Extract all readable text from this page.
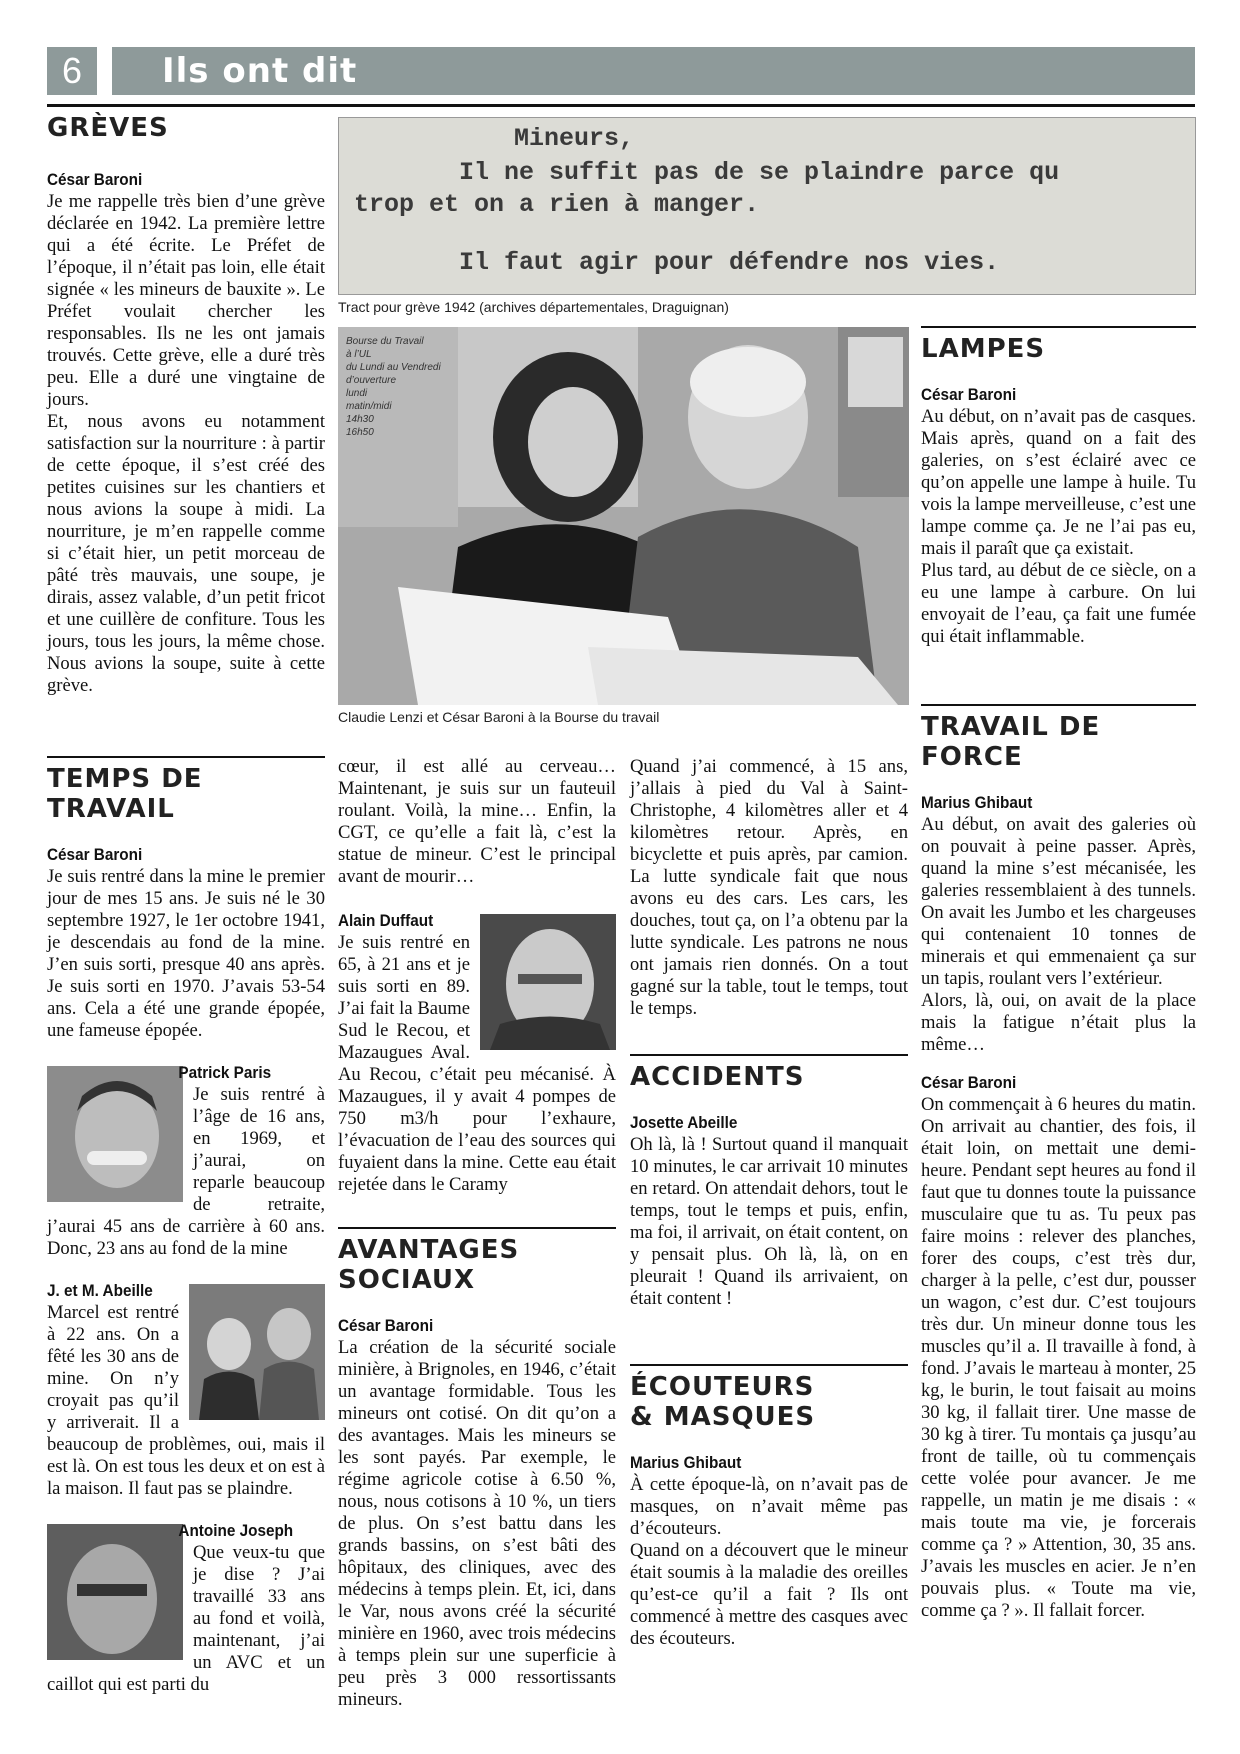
6 Ils ont dit
GRÈVES

César Baroni

Je me rappelle très bien d’une grève déclarée en 1942. La première lettre qui a été écrite. Le Préfet de l’époque, il n’était pas loin, elle était signée « les mineurs de bauxite ». Le Préfet voulait chercher les responsables. Ils ne les ont jamais trouvés. Cette grève, elle a duré très peu. Elle a duré une vingtaine de jours.

Et, nous avons eu notamment satisfaction sur la nourriture : à partir de cette époque, il s’est créé des petites cuisines sur les chantiers et nous avions la soupe à midi. La nourriture, je m’en rappelle comme si c’était hier, un petit morceau de pâté très mauvais, une soupe, je dirais, assez valable, d’un petit fricot et une cuillère de confiture. Tous les jours, tous les jours, la même chose. Nous avions la soupe, suite à cette grève.

Mineurs,
Il ne suffit pas de se plaindre parce qu
trop et on a rien à manger.
Il faut agir pour défendre nos vies.
Tract pour grève 1942 (archives départementales, Draguignan)
Bourse du Travail
à l’UL
du Lundi au Vendredi
d’ouverture
lundi
matin/midi
14h30
16h50
Claudie Lenzi et César Baroni à la Bourse du travail
LAMPES

César Baroni

Au début, on n’avait pas de casques. Mais après, quand on a fait des galeries, on s’est éclairé avec ce qu’on appelle une lampe à huile. Tu vois la lampe merveilleuse, c’est une lampe comme ça. Je ne l’ai pas eu, mais il paraît que ça existait.

Plus tard, au début de ce siècle, on a eu une lampe à carbure. On lui envoyait de l’eau, ça fait une fumée qui était inflammable.

TRAVAIL DE FORCE

Marius Ghibaut

Au début, on avait des galeries où on pouvait à peine passer. Après, quand la mine s’est mécanisée, les galeries ressemblaient à des tunnels. On avait les Jumbo et les chargeuses qui contenaient 10 tonnes de minerais et qui emmenaient ça sur un tapis, roulant vers l’extérieur.

Alors, là, oui, on avait de la place mais la fatigue n’était plus la même…

César Baroni

On commençait à 6 heures du matin. On arrivait au chantier, des fois, il était loin, on mettait une demi-heure. Pendant sept heures au fond il faut que tu donnes toute la puissance musculaire que tu as. Tu peux pas faire moins : relever des planches, forer des coups, c’est très dur, charger à la pelle, c’est dur, pousser un wagon, c’est dur. C’est toujours très dur. Un mineur donne tous les muscles qu’il a. Il travaille à fond, à fond. J’avais le marteau à monter, 25 kg, le burin, le tout faisait au moins 30 kg, il fallait tirer. Une masse de 30 kg à tirer. Tu montais ça jusqu’au front de taille, où tu commençais cette volée pour avancer. Je me rappelle, un matin je me disais : « mais toute ma vie, je forcerais comme ça ? » Attention, 30, 35 ans. J’avais les muscles en acier. Je n’en pouvais plus. « Toute ma vie, comme ça ? ». Il fallait forcer.

TEMPS DE TRAVAIL

César Baroni

Je suis rentré dans la mine le premier jour de mes 15 ans. Je suis né le 30 septembre 1927, le 1er octobre 1941, je descendais au fond de la mine. J’en suis sorti, presque 40 ans après. Je suis sorti en 1970. J’avais 53-54 ans. Cela a été une grande épopée, une fameuse épopée.

Patrick Paris

Je suis rentré à l’âge de 16 ans, en 1969, et j’aurai, on reparle beaucoup de retraite, j’aurai 45 ans de carrière à 60 ans. Donc, 23 ans au fond de la mine

J. et M. Abeille

Marcel est rentré à 22 ans. On a fêté les 30 ans de mine. On n’y croyait pas qu’il y arriverait. Il a beaucoup de problèmes, oui, mais il est là. On est tous les deux et on est à la maison. Il faut pas se plaindre.

Antoine Joseph

Que veux-tu que je dise ? J’ai travaillé 33 ans au fond et voilà, maintenant, j’ai un AVC et un caillot qui est parti du

cœur, il est allé au cerveau… Maintenant, je suis sur un fauteuil roulant. Voilà, la mine… Enfin, la CGT, ce qu’elle a fait là, c’est la statue de mineur. C’est le principal avant de mourir…

Alain Duffaut

Je suis rentré en 65, à 21 ans et je suis sorti en 89. J’ai fait la Baume Sud le Recou, et Mazaugues Aval. Au Recou, c’était peu mécanisé. À Mazaugues, il y avait 4 pompes de 750 m3/h pour l’exhaure, l’évacuation de l’eau des sources qui fuyaient dans la mine. Cette eau était rejetée dans le Caramy

AVANTAGES SOCIAUX

César Baroni

La création de la sécurité sociale minière, à Brignoles, en 1946, c’était un avantage formidable. Tous les mineurs ont cotisé. On dit qu’on a des avantages. Mais les mineurs se les sont payés. Par exemple, le régime agricole cotise à 6.50 %, nous, nous cotisons à 10 %, un tiers de plus. On s’est battu dans les grands bassins, on s’est bâti des hôpitaux, des cliniques, avec des médecins à temps plein. Et, ici, dans le Var, nous avons créé la sécurité minière en 1960, avec trois médecins à temps plein sur une superficie à peu près 3 000 ressortissants mineurs.

Quand j’ai commencé, à 15 ans, j’allais à pied du Val à Saint-Christophe, 4 kilomètres aller et 4 kilomètres retour. Après, en bicyclette et puis après, par camion. La lutte syndicale fait que nous avons eu des cars. Les cars, les douches, tout ça, on l’a obtenu par la lutte syndicale. Les patrons ne nous ont jamais rien donnés. On a tout gagné sur la table, tout le temps, tout le temps.

ACCIDENTS

Josette Abeille

Oh là, là ! Surtout quand il manquait 10 minutes, le car arrivait 10 minutes en retard. On attendait dehors, tout le temps, tout le temps et puis, enfin, ma foi, il arrivait, on était content, on y pensait plus. Oh là, là, on en pleurait ! Quand ils arrivaient, on était content !

ÉCOUTEURS
& MASQUES

Marius Ghibaut

À cette époque-là, on n’avait pas de masques, on n’avait même pas d’écouteurs.

Quand on a découvert que le mineur était soumis à la maladie des oreilles qu’est-ce qu’il a fait ? Ils ont commencé à mettre des casques avec des écouteurs.
